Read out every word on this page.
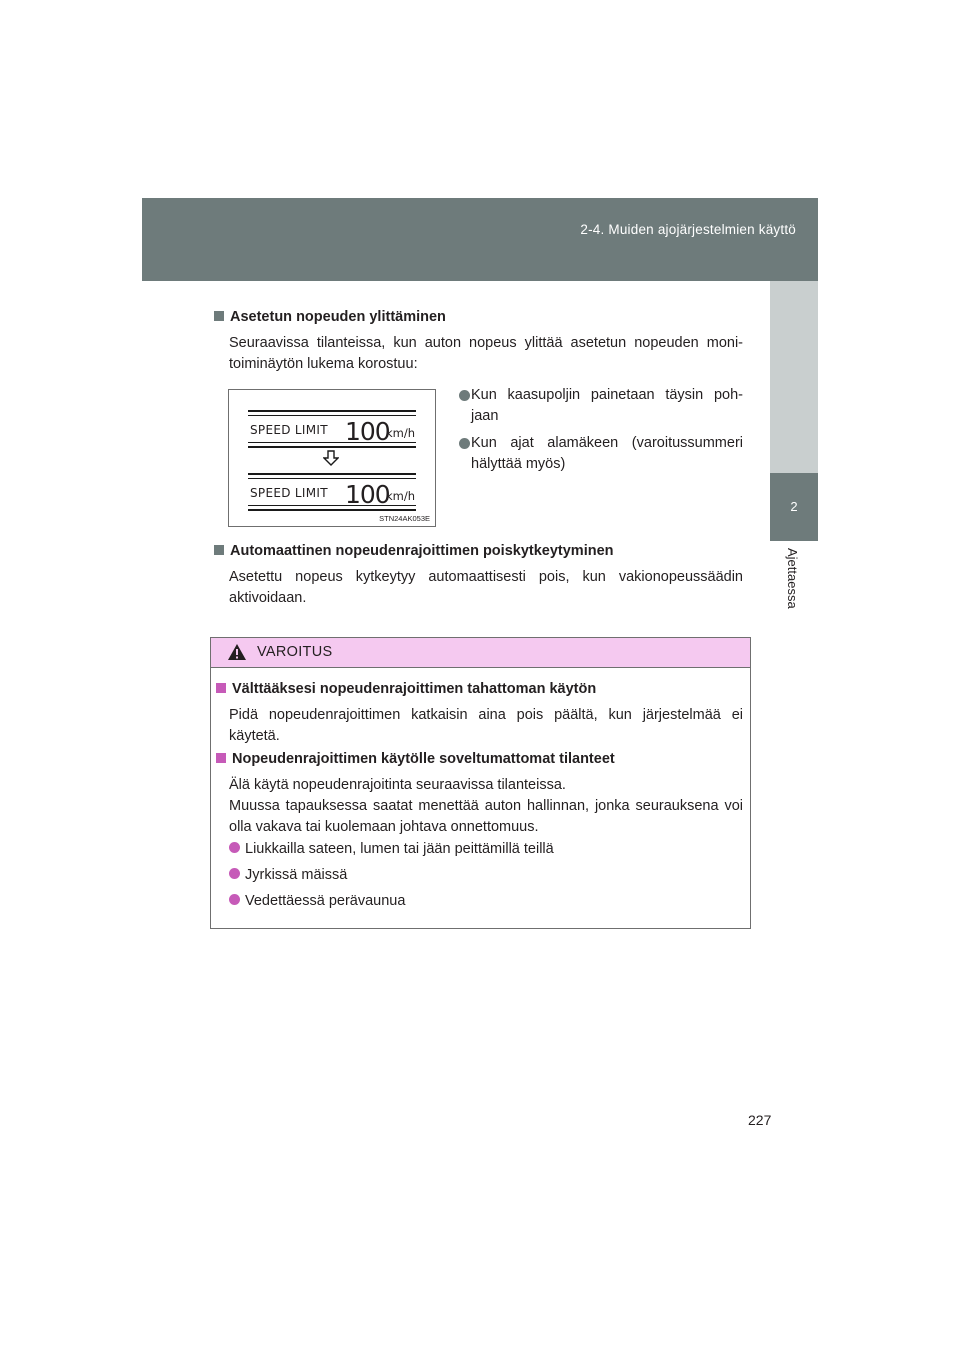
2-4. Muiden ajojärjestelmien käyttö
2
Ajettaessa
Asetetun nopeuden ylittäminen
Seuraavissa tilanteissa, kun auton nopeus ylittää asetetun nopeuden moni-toiminäytön lukema korostuu:
SPEED LIMIT 100
km/h
SPEED LIMIT 100
km/h
STN24AK053E
Kun kaasupoljin painetaan täysin poh-jaan
Kun ajat alamäkeen (varoitussummeri hälyttää myös)
Automaattinen nopeudenrajoittimen poiskytkeytyminen
Asetettu nopeus kytkeytyy automaattisesti pois, kun vakionopeussäädin aktivoidaan.
VAROITUS
Välttääksesi nopeudenrajoittimen tahattoman käytön
Pidä nopeudenrajoittimen katkaisin aina pois päältä, kun järjestelmää ei käytetä.
Nopeudenrajoittimen käytölle soveltumattomat tilanteet
Älä käytä nopeudenrajoitinta seuraavissa tilanteissa.
Muussa tapauksessa saatat menettää auton hallinnan, jonka seurauksena voi olla vakava tai kuolemaan johtava onnettomuus.
Liukkailla sateen, lumen tai jään peittämillä teillä
Jyrkissä mäissä
Vedettäessä perävaunua
227
